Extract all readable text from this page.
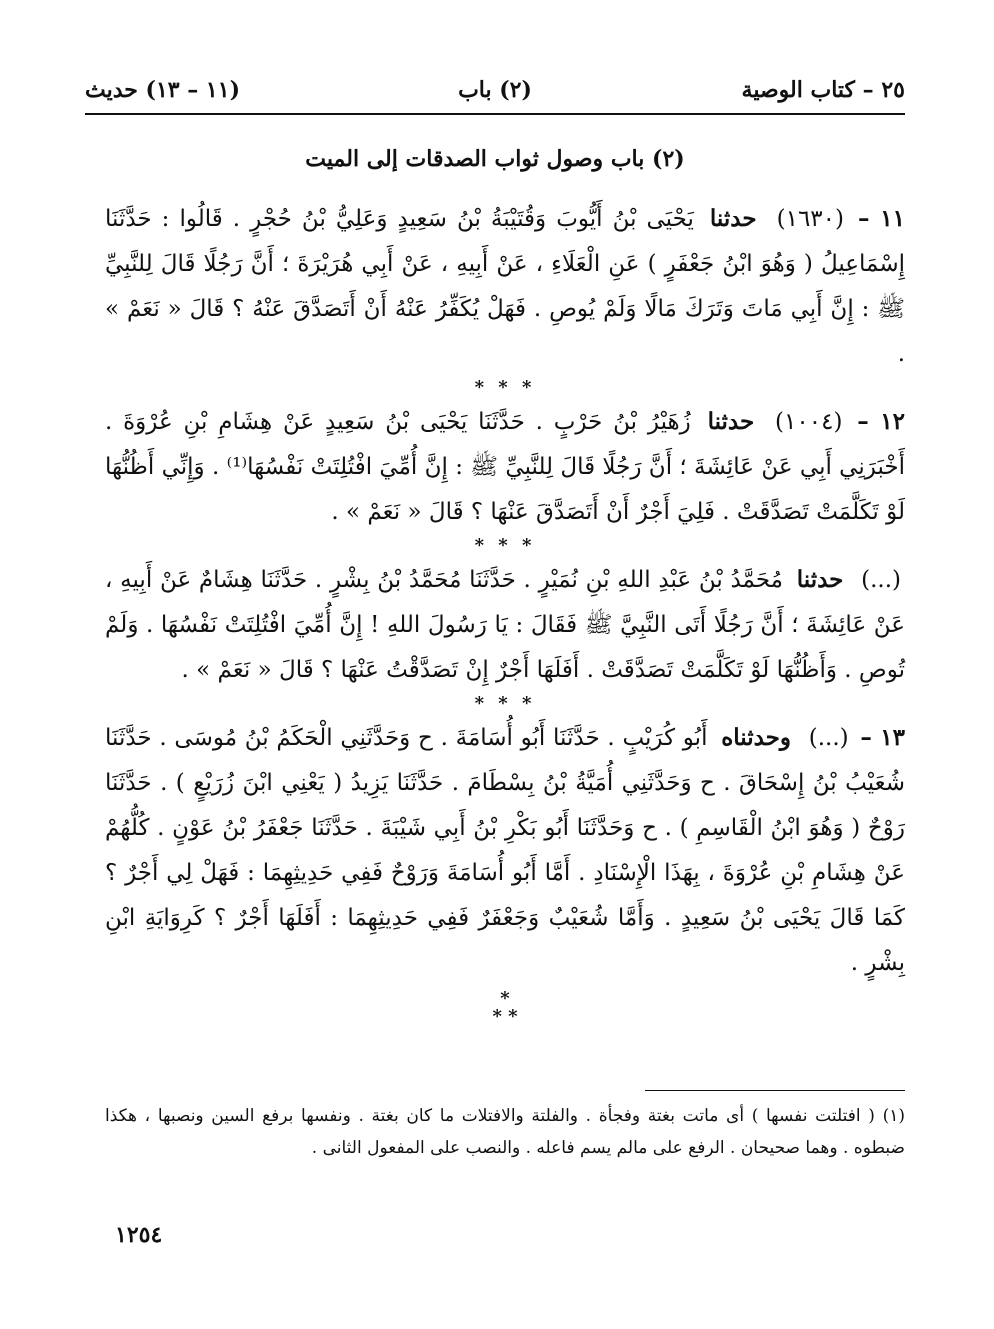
٢٥ – كتاب الوصية
(٢) باب
(١١ – ١٣) حديث
(٢) باب وصول ثواب الصدقات إلى الميت

١١ – (١٦٣٠) حدثنا يَحْيَى بْنُ أَيُّوبَ وَقُتَيْبَةُ بْنُ سَعِيدٍ وَعَلِيُّ بْنُ حُجْرٍ . قَالُوا : حَدَّثَنَا إِسْمَاعِيلُ ( وَهُوَ ابْنُ جَعْفَرٍ ) عَنِ الْعَلَاءِ ، عَنْ أَبِيهِ ، عَنْ أَبِي هُرَيْرَةَ ؛ أَنَّ رَجُلًا قَالَ لِلنَّبِيِّ ﷺ : إِنَّ أَبِي مَاتَ وَتَرَكَ مَالًا وَلَمْ يُوصِ . فَهَلْ يُكَفِّرُ عَنْهُ أَنْ أَتَصَدَّقَ عَنْهُ ؟ قَالَ « نَعَمْ » .

* * *

١٢ – (١٠٠٤) حدثنا زُهَيْرُ بْنُ حَرْبٍ . حَدَّثَنَا يَحْيَى بْنُ سَعِيدٍ عَنْ هِشَامِ بْنِ عُرْوَةَ . أَخْبَرَنِي أَبِي عَنْ عَائِشَةَ ؛ أَنَّ رَجُلًا قَالَ لِلنَّبِيِّ ﷺ : إِنَّ أُمِّيَ افْتُلِتَتْ نَفْسُهَا⁽¹⁾ . وَإِنِّي أَظُنُّهَا لَوْ تَكَلَّمَتْ تَصَدَّقَتْ . فَلِيَ أَجْرٌ أَنْ أَتَصَدَّقَ عَنْهَا ؟ قَالَ « نَعَمْ » .

* * *

(...) حدثنا مُحَمَّدُ بْنُ عَبْدِ اللهِ بْنِ نُمَيْرٍ . حَدَّثَنَا مُحَمَّدُ بْنُ بِشْرٍ . حَدَّثَنَا هِشَامٌ عَنْ أَبِيهِ ، عَنْ عَائِشَةَ ؛ أَنَّ رَجُلًا أَتَى النَّبِيَّ ﷺ فَقَالَ : يَا رَسُولَ اللهِ ! إِنَّ أُمِّيَ افْتُلِتَتْ نَفْسُهَا . وَلَمْ تُوصِ . وَأَظُنُّهَا لَوْ تَكَلَّمَتْ تَصَدَّقَتْ . أَفَلَهَا أَجْرٌ إِنْ تَصَدَّقْتُ عَنْهَا ؟ قَالَ « نَعَمْ » .

* * *

١٣ – (...) وحدثناه أَبُو كُرَيْبٍ . حَدَّثَنَا أَبُو أُسَامَةَ . ح وَحَدَّثَنِي الْحَكَمُ بْنُ مُوسَى . حَدَّثَنَا شُعَيْبُ بْنُ إِسْحَاقَ . ح وَحَدَّثَنِي أُمَيَّةُ بْنُ بِسْطَامَ . حَدَّثَنَا يَزِيدُ ( يَعْنِي ابْنَ زُرَيْعٍ ) . حَدَّثَنَا رَوْحٌ ( وَهُوَ ابْنُ الْقَاسِمِ ) . ح وَحَدَّثَنَا أَبُو بَكْرِ بْنُ أَبِي شَيْبَةَ . حَدَّثَنَا جَعْفَرُ بْنُ عَوْنٍ . كُلُّهُمْ عَنْ هِشَامِ بْنِ عُرْوَةَ ، بِهَذَا الْإِسْنَادِ . أَمَّا أَبُو أُسَامَةَ وَرَوْحٌ فَفِي حَدِيثِهِمَا : فَهَلْ لِي أَجْرٌ ؟ كَمَا قَالَ يَحْيَى بْنُ سَعِيدٍ . وَأَمَّا شُعَيْبٌ وَجَعْفَرٌ فَفِي حَدِيثِهِمَا : أَفَلَهَا أَجْرٌ ؟ كَرِوَايَةِ ابْنِ بِشْرٍ .

*
* *
(١) ( افتلتت نفسها ) أى ماتت بغتة وفجأة . والفلتة والافتلات ما كان بغتة . ونفسها برفع السين ونصبها ، هكذا ضبطوه . وهما صحيحان . الرفع على مالم يسم فاعله . والنصب على المفعول الثانى .
١٢٥٤
